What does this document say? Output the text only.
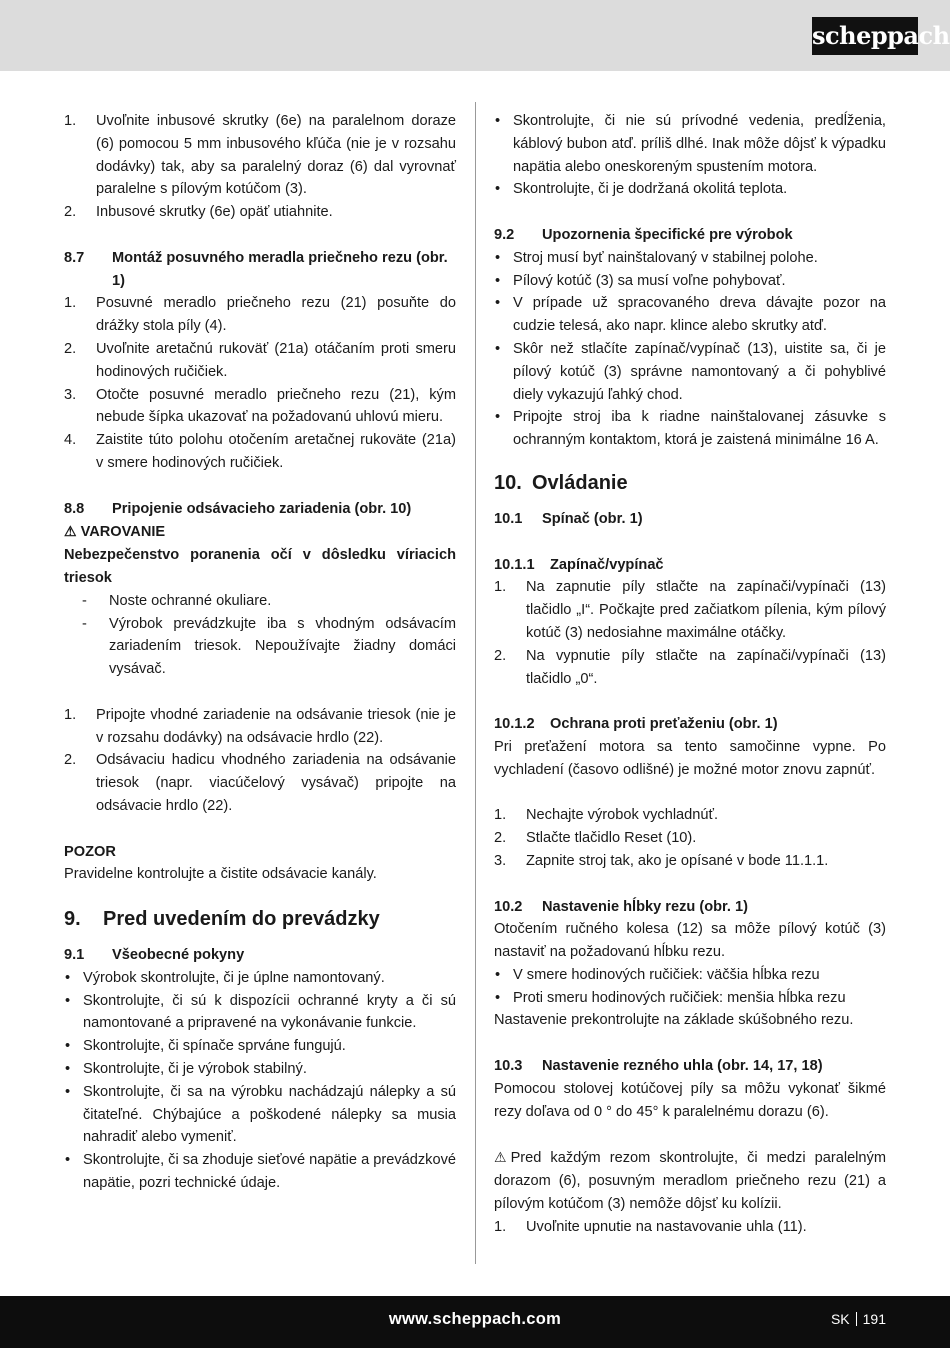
scheppach
1. Uvoľnite inbusové skrutky (6e) na paralelnom doraze (6) pomocou 5 mm inbusového kľúča (nie je v rozsahu dodávky) tak, aby sa paralelný doraz (6) dal vyrovnať paralelne s pílovým kotúčom (3).
2. Inbusové skrutky (6e) opäť utiahnite.
8.7 Montáž posuvného meradla priečneho rezu (obr. 1)
1. Posuvné meradlo priečneho rezu (21) posuňte do drážky stola píly (4).
2. Uvoľnite aretačnú rukoväť (21a) otáčaním proti smeru hodinových ručičiek.
3. Otočte posuvné meradlo priečneho rezu (21), kým nebude šípka ukazovať na požadovanú uhlovú mieru.
4. Zaistite túto polohu otočením aretačnej rukoväte (21a) v smere hodinových ručičiek.
8.8 Pripojenie odsávacieho zariadenia (obr. 10)
⚠ VAROVANIE
Nebezpečenstvo poranenia očí v dôsledku víriacich triesok
- Noste ochranné okuliare.
- Výrobok prevádzkujte iba s vhodným odsávacím zariadením triesok. Nepoužívajte žiadny domáci vysávač.
1. Pripojte vhodné zariadenie na odsávanie triesok (nie je v rozsahu dodávky) na odsávacie hrdlo (22).
2. Odsávaciu hadicu vhodného zariadenia na odsávanie triesok (napr. viacúčelový vysávač) pripojte na odsávacie hrdlo (22).
POZOR
Pravidelne kontrolujte a čistite odsávacie kanály.
9. Pred uvedením do prevádzky
9.1 Všeobecné pokyny
• Výrobok skontrolujte, či je úplne namontovaný.
• Skontrolujte, či sú k dispozícii ochranné kryty a či sú namontované a pripravené na vykonávanie funkcie.
• Skontrolujte, či spínače sprváne fungujú.
• Skontrolujte, či je výrobok stabilný.
• Skontrolujte, či sa na výrobku nachádzajú nálepky a sú čitateľné. Chýbajúce a poškodené nálepky sa musia nahradiť alebo vymeniť.
• Skontrolujte, či sa zhoduje sieťové napätie a prevádzkové napätie, pozri technické údaje.
• Skontrolujte, či nie sú prívodné vedenia, predĺženia, káblový bubon atď. príliš dlhé. Inak môže dôjsť k výpadku napätia alebo oneskoreným spustením motora.
• Skontrolujte, či je dodržaná okolitá teplota.
9.2 Upozornenia špecifické pre výrobok
• Stroj musí byť nainštalovaný v stabilnej polohe.
• Pílový kotúč (3) sa musí voľne pohybovať.
• V prípade už spracovaného dreva dávajte pozor na cudzie telesá, ako napr. klince alebo skrutky atď.
• Skôr než stlačíte zapínač/vypínač (13), uistite sa, či je pílový kotúč (3) správne namontovaný a či pohyblivé diely vykazujú ľahký chod.
• Pripojte stroj iba k riadne nainštalovanej zásuvke s ochranným kontaktom, ktorá je zaistená minimálne 16 A.
10. Ovládanie
10.1 Spínač (obr. 1)
10.1.1 Zapínač/vypínač
1. Na zapnutie píly stlačte na zapínači/vypínači (13) tlačidlo „I“. Počkajte pred začiatkom pílenia, kým pílový kotúč (3) nedosiahne maximálne otáčky.
2. Na vypnutie píly stlačte na zapínači/vypínači (13) tlačidlo „0“.
10.1.2 Ochrana proti preťaženiu (obr. 1)
Pri preťažení motora sa tento samočinne vypne. Po vychladení (časovo odlišné) je možné motor znovu zapnúť.
1. Nechajte výrobok vychladnúť.
2. Stlačte tlačidlo Reset (10).
3. Zapnite stroj tak, ako je opísané v bode 11.1.1.
10.2 Nastavenie hĺbky rezu (obr. 1)
Otočením ručného kolesa (12) sa môže pílový kotúč (3) nastaviť na požadovanú hĺbku rezu.
• V smere hodinových ručičiek: väčšia hĺbka rezu
• Proti smeru hodinových ručičiek: menšia hĺbka rezu
Nastavenie prekontrolujte na základe skúšobného rezu.
10.3 Nastavenie rezného uhla (obr. 14, 17, 18)
Pomocou stolovej kotúčovej píly sa môžu vykonať šikmé rezy doľava od 0 ° do 45° k paralelnému dorazu (6).
⚠ Pred každým rezom skontrolujte, či medzi paralelným dorazom (6), posuvným meradlom priečneho rezu (21) a pílovým kotúčom (3) nemôže dôjsť ku kolízii.
1. Uvoľnite upnutie na nastavovanie uhla (11).
www.scheppach.com	SK 191
